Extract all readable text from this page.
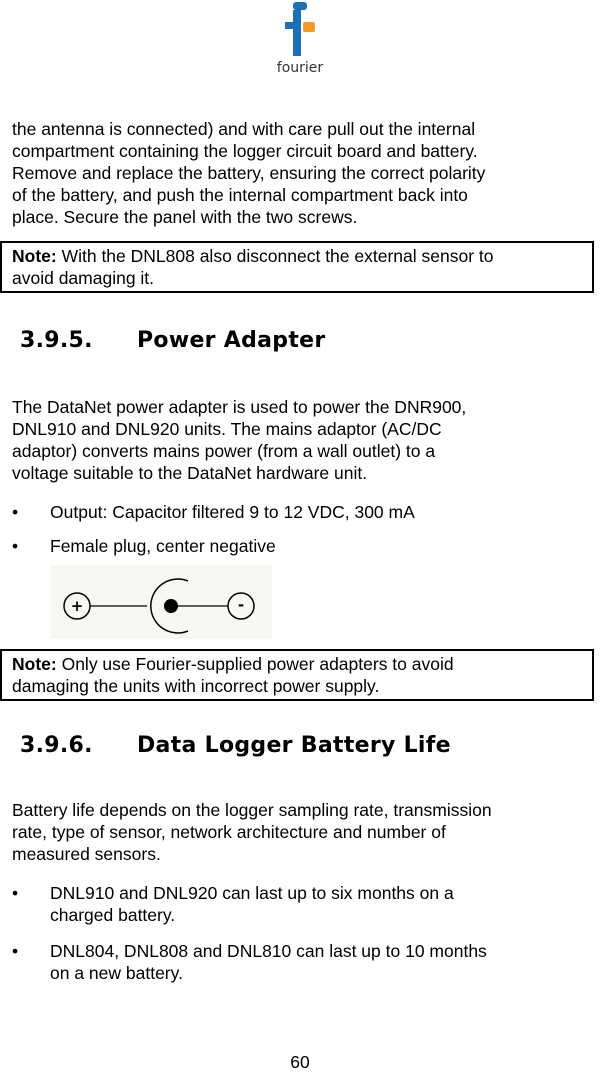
fourier
the antenna is connected) and with care pull out the internal
compartment containing the logger circuit board and battery.
Remove and replace the battery, ensuring the correct polarity
of the battery, and push the internal compartment back into
place. Secure the panel with the two screws.
Note: With the DNL808 also disconnect the external sensor to
avoid damaging it.
3.9.5. Power Adapter
The DataNet power adapter is used to power the DNR900,
DNL910 and DNL920 units. The mains adaptor (AC/DC
adaptor) converts mains power (from a wall outlet) to a
voltage suitable to the DataNet hardware unit.
• Output: Capacitor filtered 9 to 12 VDC, 300 mA
• Female plug, center negative
+	-
Note: Only use Fourier-supplied power adapters to avoid
damaging the units with incorrect power supply.
3.9.6. Data Logger Battery Life
Battery life depends on the logger sampling rate, transmission
rate, type of sensor, network architecture and number of
measured sensors.
• DNL910 and DNL920 can last up to six months on a
charged battery.
• DNL804, DNL808 and DNL810 can last up to 10 months
on a new battery.
60
